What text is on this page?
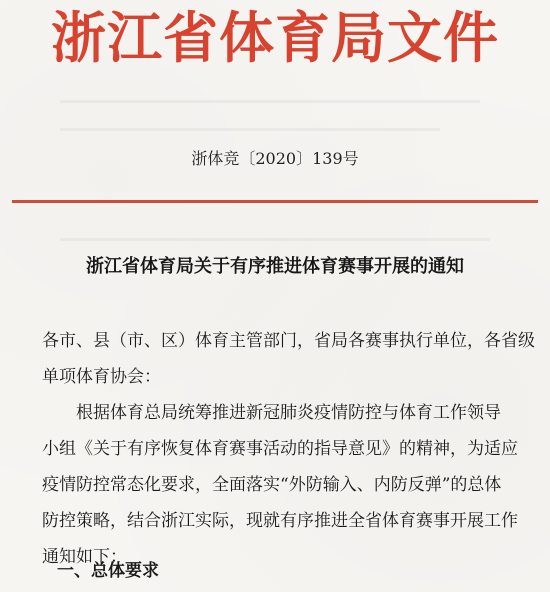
浙江省体育局文件
浙体竞〔2020〕139号
浙江省体育局关于有序推进体育赛事开展的通知
各市、县（市、区）体育主管部门，省局各赛事执行单位，各省级
单项体育协会：
　　根据体育总局统筹推进新冠肺炎疫情防控与体育工作领导
小组《关于有序恢复体育赛事活动的指导意见》的精神，为适应
疫情防控常态化要求，全面落实“外防输入、内防反弹”的总体
防控策略，结合浙江实际，现就有序推进全省体育赛事开展工作
通知如下：
一、总体要求
